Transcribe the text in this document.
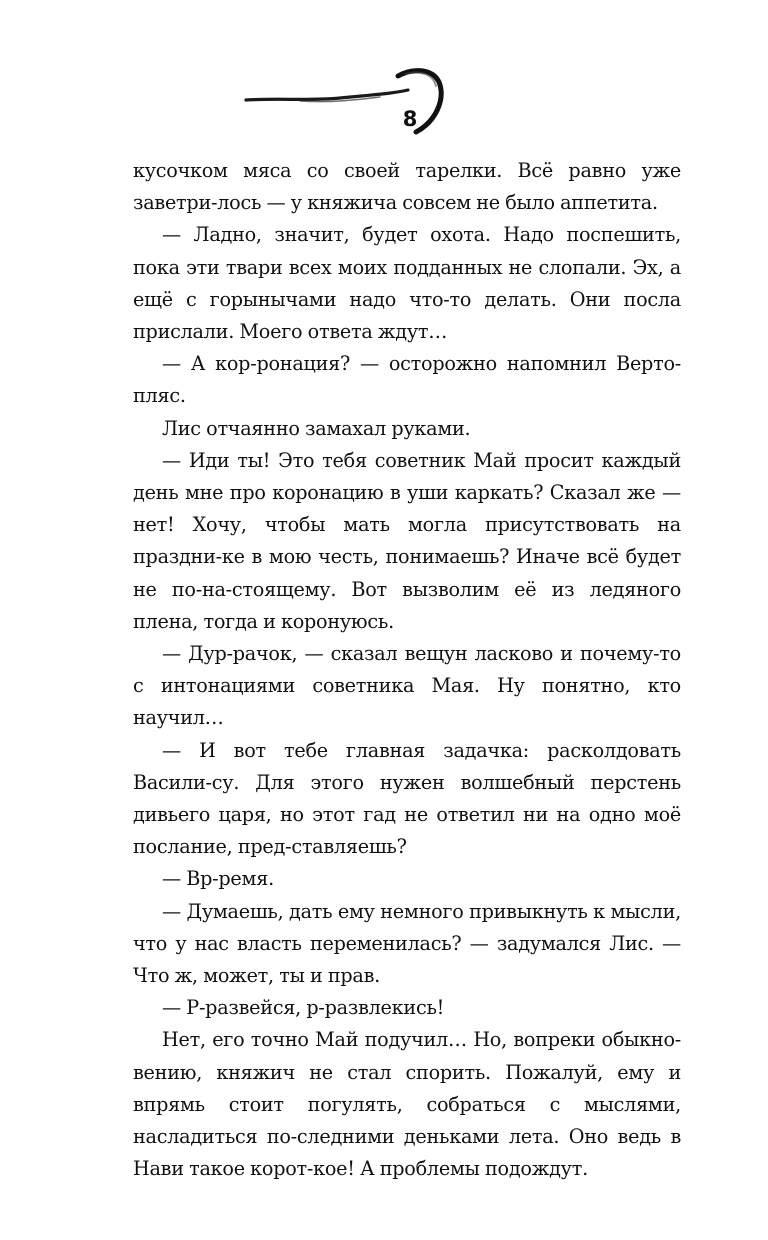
8

кусочком мяса со своей тарелки. Всё равно уже заветри-лось — у княжича совсем не было аппетита.

— Ладно, значит, будет охота. Надо поспешить, пока эти твари всех моих подданных не слопали. Эх, а ещё с горынычами надо что-то делать. Они посла прислали. Моего ответа ждут…

— А кор-ронация? — осторожно напомнил Верто-пляс.

Лис отчаянно замахал руками.

— Иди ты! Это тебя советник Май просит каждый день мне про коронацию в уши каркать? Сказал же — нет! Хочу, чтобы мать могла присутствовать на праздни-ке в мою честь, понимаешь? Иначе всё будет не по-на-стоящему. Вот вызволим её из ледяного плена, тогда и коронуюсь.

— Дур-рачок, — сказал вещун ласково и почему-то с интонациями советника Мая. Ну понятно, кто научил…

— И вот тебе главная задачка: расколдовать Васили-су. Для этого нужен волшебный перстень дивьего царя, но этот гад не ответил ни на одно моё послание, пред-ставляешь?

— Вр-ремя.

— Думаешь, дать ему немного привыкнуть к мысли, что у нас власть переменилась? — задумался Лис. — Что ж, может, ты и прав.

— Р-развейся, р-развлекись!

Нет, его точно Май подучил… Но, вопреки обыкно-вению, княжич не стал спорить. Пожалуй, ему и впрямь стоит погулять, собраться с мыслями, насладиться по-следними деньками лета. Оно ведь в Нави такое корот-кое! А проблемы подождут.
